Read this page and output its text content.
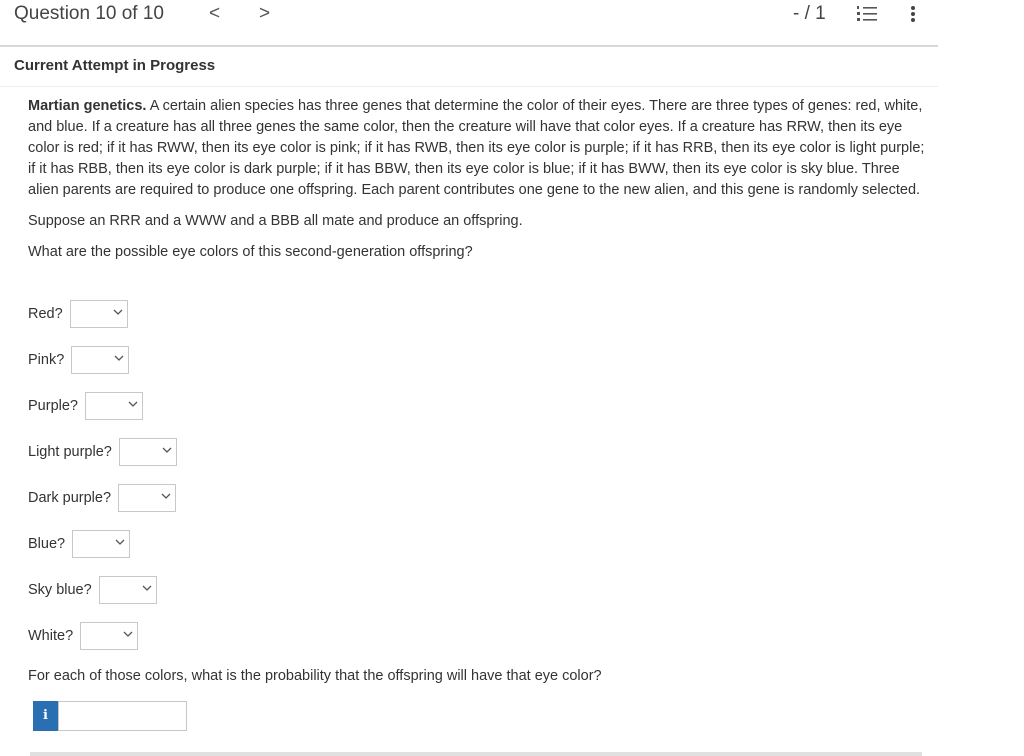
Question 10 of 10 < >	- / 1
Current Attempt in Progress

Martian genetics. A certain alien species has three genes that determine the color of their eyes. There are three types of genes: red, white, and blue. If a creature has all three genes the same color, then the creature will have that color eyes. If a creature has RRW, then its eye color is red; if it has RWW, then its eye color is pink; if it has RWB, then its eye color is purple; if it has RRB, then its eye color is light purple; if it has RBB, then its eye color is dark purple; if it has BBW, then its eye color is blue; if it has BWW, then its eye color is sky blue. Three alien parents are required to produce one offspring. Each parent contributes one gene to the new alien, and this gene is randomly selected.

Suppose an RRR and a WWW and a BBB all mate and produce an offspring.

What are the possible eye colors of this second-generation offspring?

Red?
Pink?
Purple?
Light purple?
Dark purple?
Blue?
Sky blue?
White?
For each of those colors, what is the probability that the offspring will have that eye color?
i
